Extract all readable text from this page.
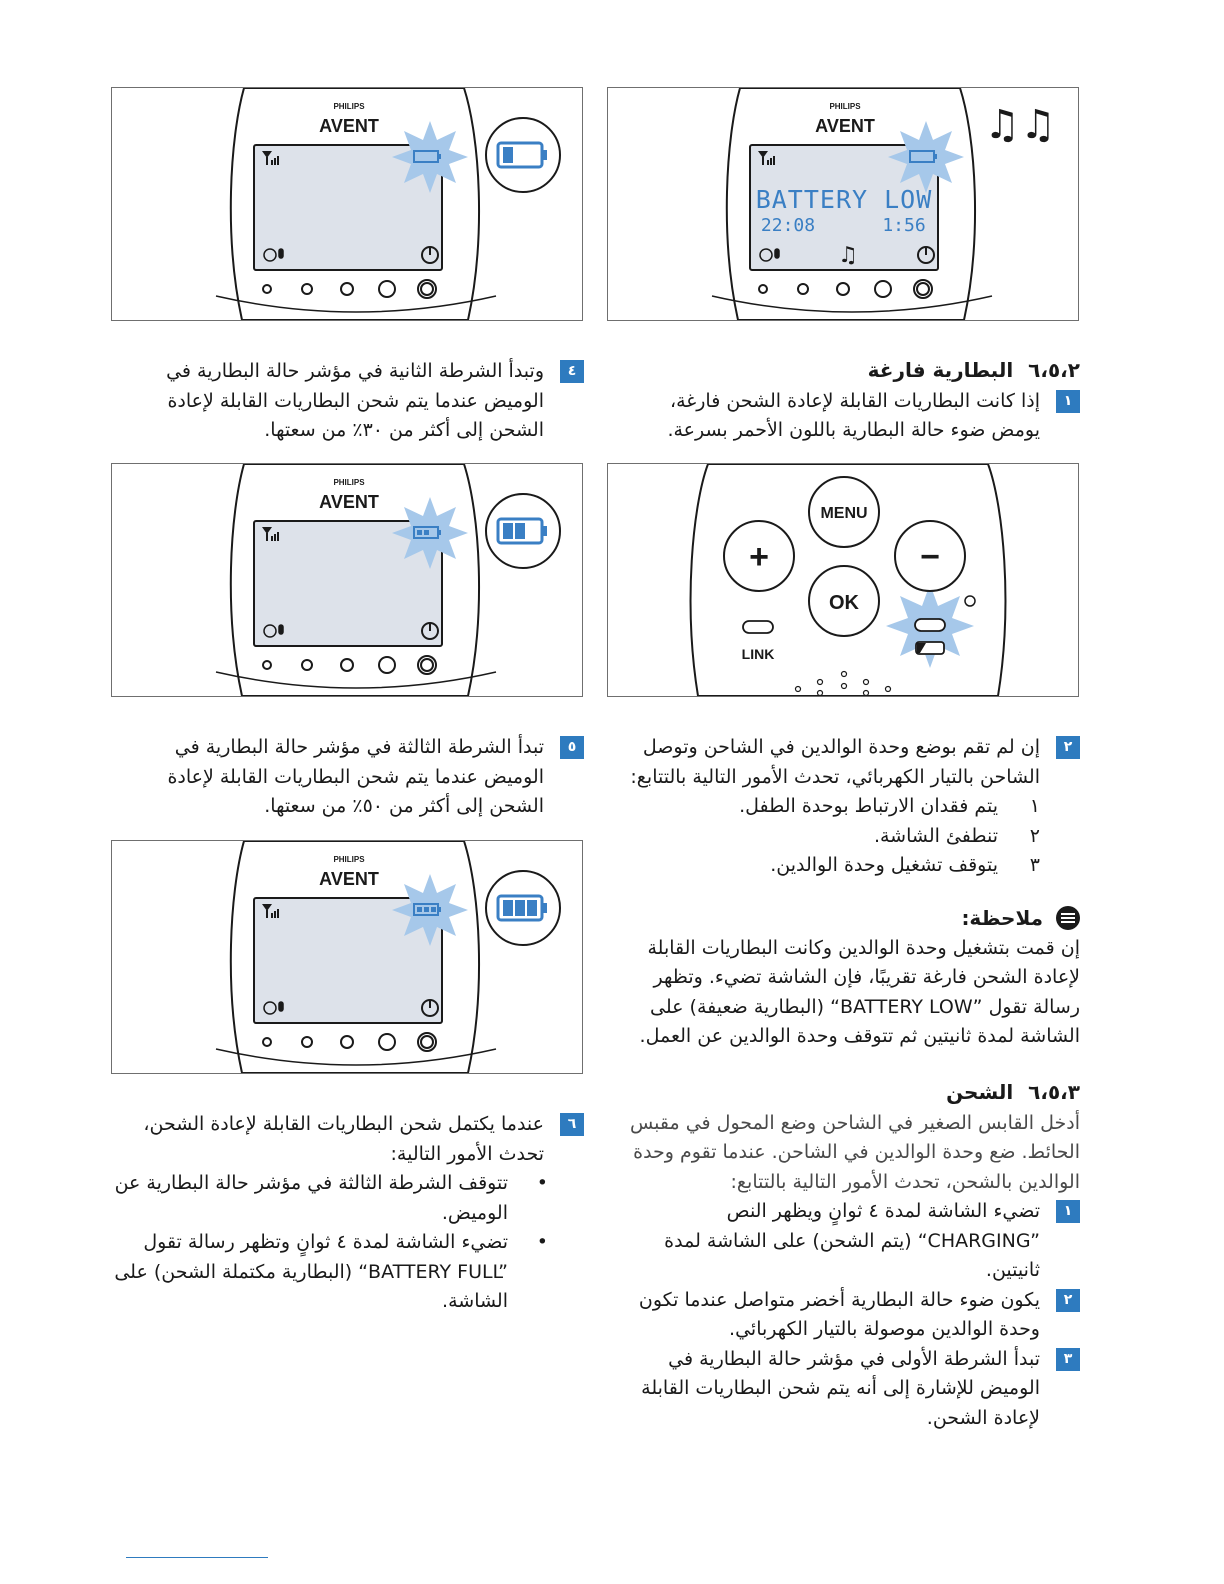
PHILIPS
AVENT
BATTERY LOW
22:08	1:56
♫
♫♫
PHILIPS
AVENT
MENU
+	−
OK
LINK
PHILIPS
AVENT
PHILIPS
AVENT
٦،٥،٢ البطارية فارغة
١
إذا كانت البطاريات القابلة لإعادة الشحن فارغة، يومض ضوء حالة البطارية باللون الأحمر بسرعة.
٢
إن لم تقم بوضع وحدة الوالدين في الشاحن وتوصل الشاحن بالتيار الكهربائي، تحدث الأمور التالية بالتتابع:
١
يتم فقدان الارتباط بوحدة الطفل.
٢
تنطفئ الشاشة.
٣
يتوقف تشغيل وحدة الوالدين.
ملاحظة:
إن قمت بتشغيل وحدة الوالدين وكانت البطاريات القابلة لإعادة الشحن فارغة تقريبًا، فإن الشاشة تضيء. وتظهر رسالة تقول “BATTERY LOW” (البطارية ضعيفة) على الشاشة لمدة ثانيتين ثم تتوقف وحدة الوالدين عن العمل.
٦،٥،٣ الشحن
أدخل القابس الصغير في الشاحن وضع المحول في مقبس الحائط. ضع وحدة الوالدين في الشاحن. عندما تقوم وحدة الوالدين بالشحن، تحدث الأمور التالية بالتتابع:
١
تضيء الشاشة لمدة ٤ ثوانٍ ويظهر النص “CHARGING” (يتم الشحن) على الشاشة لمدة ثانيتين.
٢
يكون ضوء حالة البطارية أخضر متواصل عندما تكون وحدة الوالدين موصولة بالتيار الكهربائي.
٣
تبدأ الشرطة الأولى في مؤشر حالة البطارية في الوميض للإشارة إلى أنه يتم شحن البطاريات القابلة لإعادة الشحن.
٤
وتبدأ الشرطة الثانية في مؤشر حالة البطارية في الوميض عندما يتم شحن البطاريات القابلة لإعادة الشحن إلى أكثر من ٣٠٪ من سعتها.
٥
تبدأ الشرطة الثالثة في مؤشر حالة البطارية في الوميض عندما يتم شحن البطاريات القابلة لإعادة الشحن إلى أكثر من ٥٠٪ من سعتها.
٦
عندما يكتمل شحن البطاريات القابلة لإعادة الشحن، تحدث الأمور التالية:
•
تتوقف الشرطة الثالثة في مؤشر حالة البطارية عن الوميض.
•
تضيء الشاشة لمدة ٤ ثوانٍ وتظهر رسالة تقول “BATTERY FULL” (البطارية مكتملة الشحن) على الشاشة.
